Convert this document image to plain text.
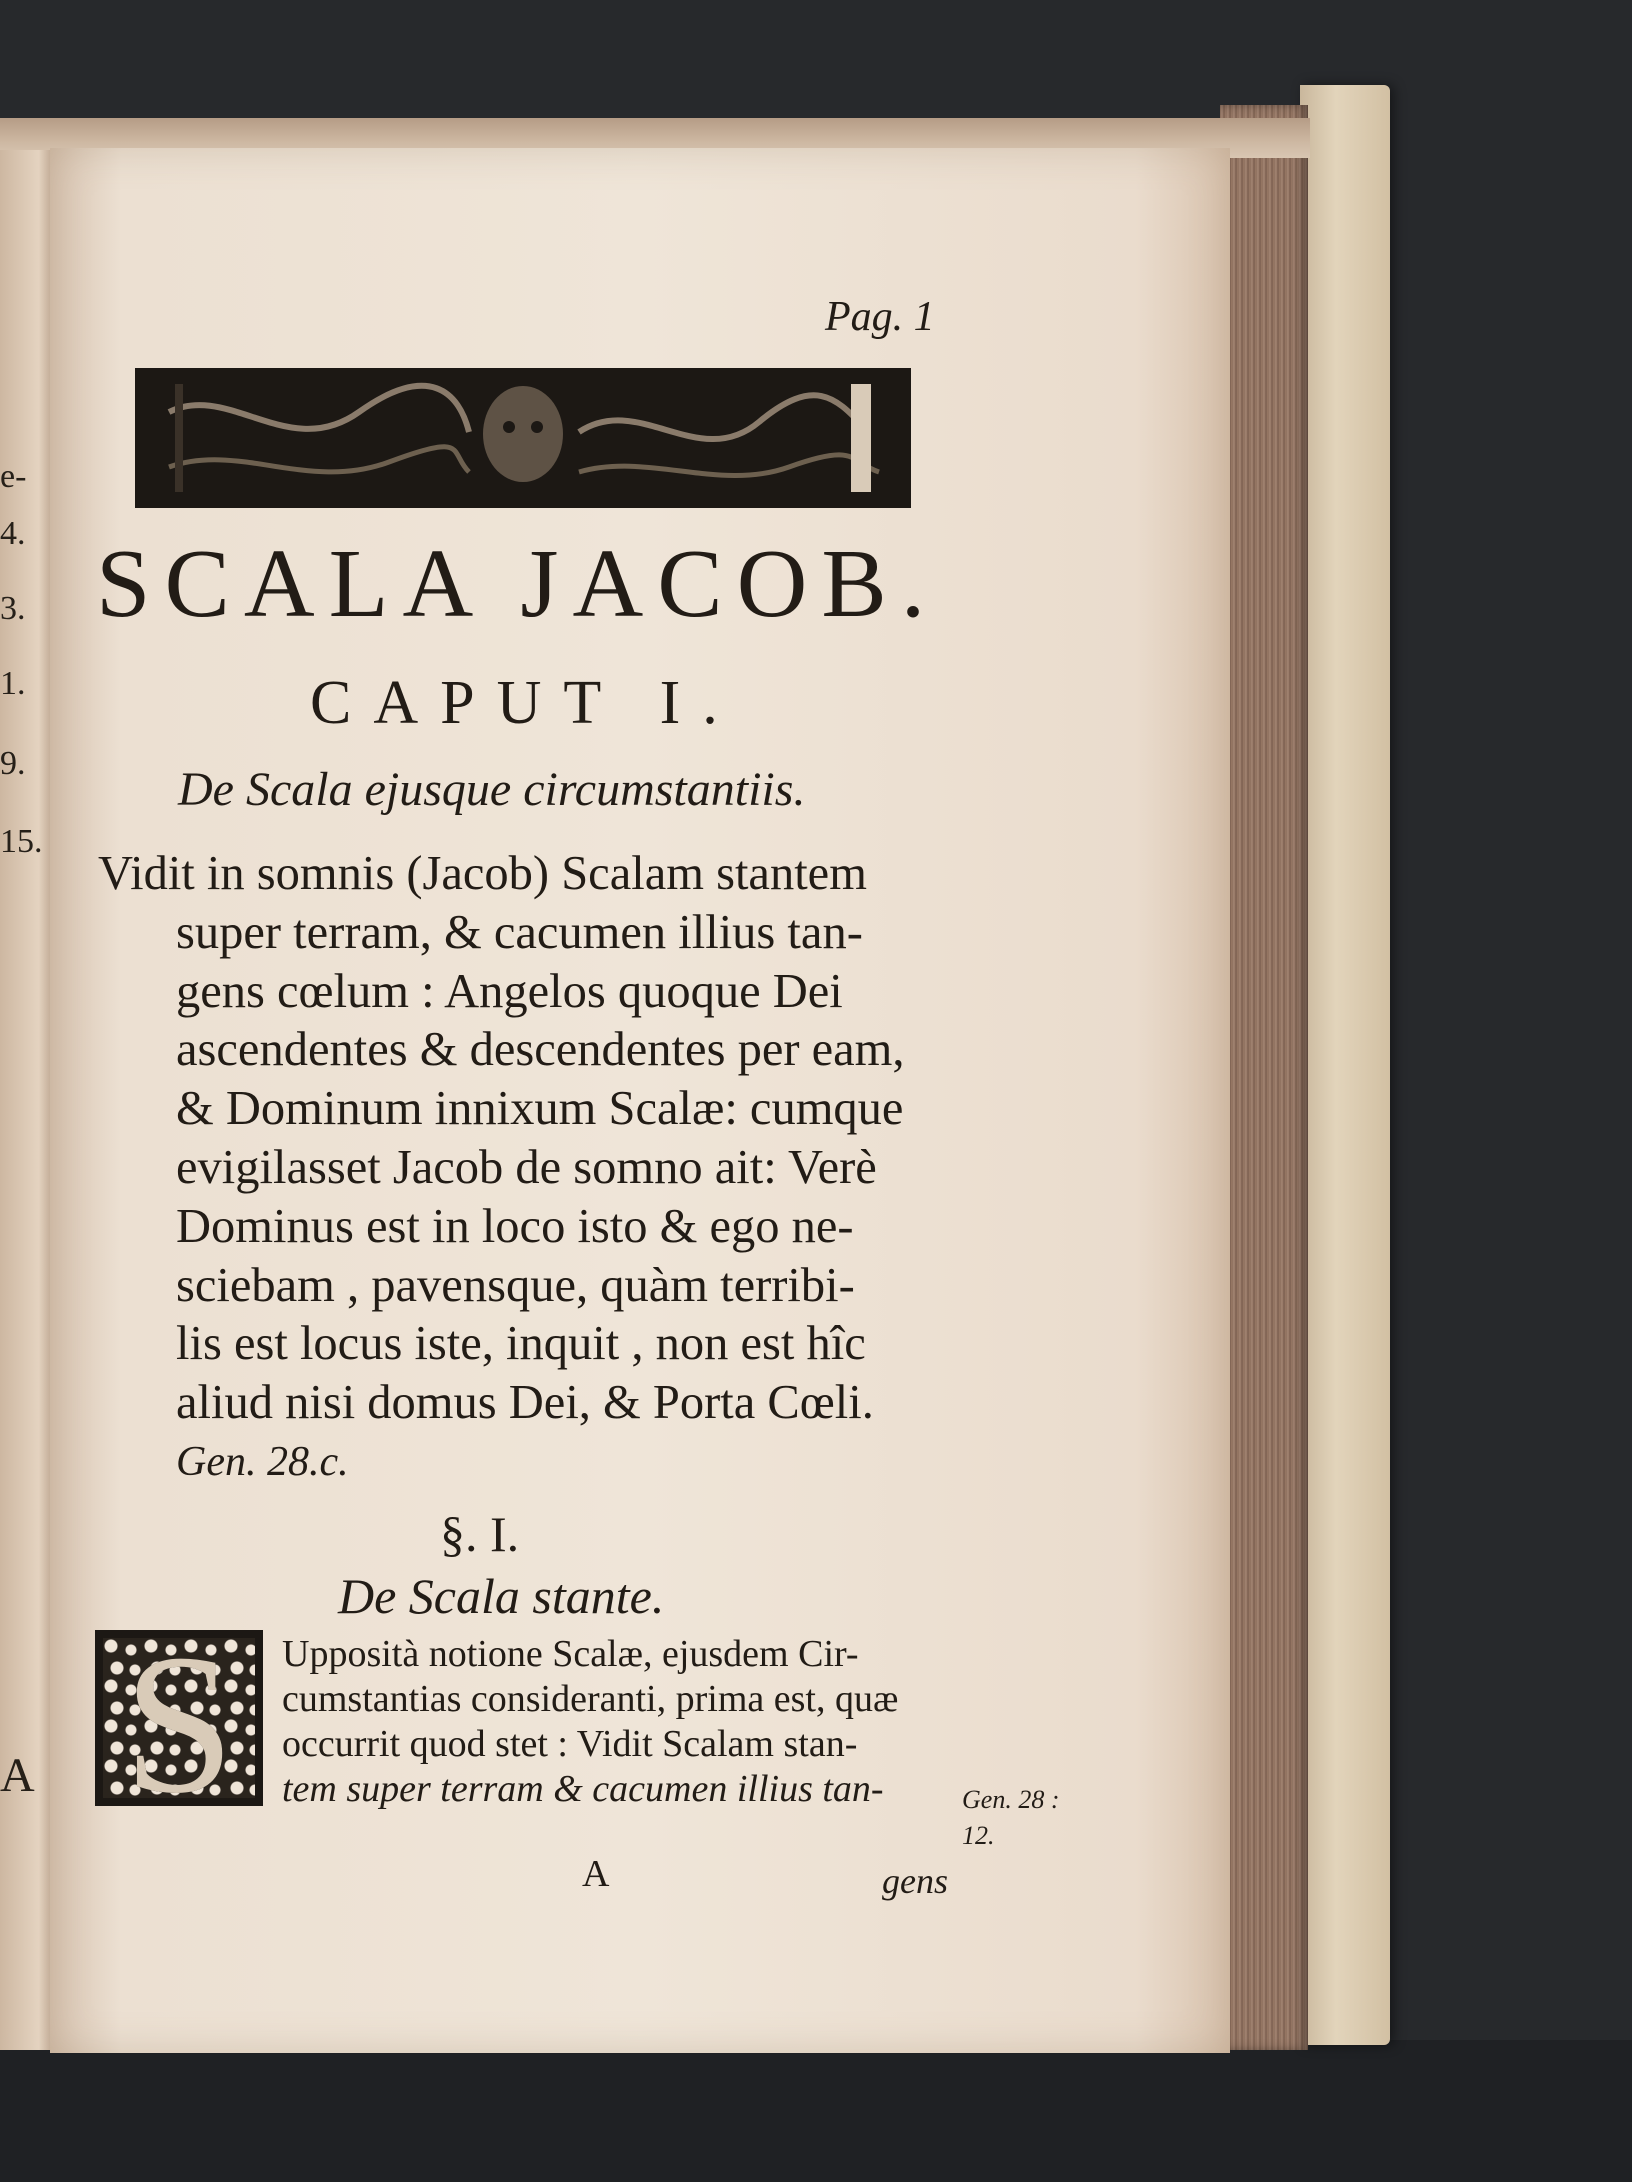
e-
4.
3.
1.
9.
15.
A
Pag. 1
SCALA JACOB.
CAPUT I.
De Scala ejusque circumstantiis.
Vidit in somnis (Jacob) Scalam stantem
super terram, & cacumen illius tan-
gens cœlum : Angelos quoque Dei
ascendentes & descendentes per eam,
& Dominum innixum Scalæ: cumque
evigilasset Jacob de somno ait: Verè
Dominus est in loco isto & ego ne-
sciebam , pavensque, quàm terribi-
lis est locus iste, inquit , non est hîc
aliud nisi domus Dei, & Porta Cœli.
Gen. 28.c.
§. I.
De Scala stante.
S	Upposità notione Scalæ, ejusdem Cir-
cumstantias consideranti, prima est, quæ
occurrit quod stet : Vidit Scalam stan-
tem super terram & cacumen illius tan-	Gen. 28 :
12.
A	gens
